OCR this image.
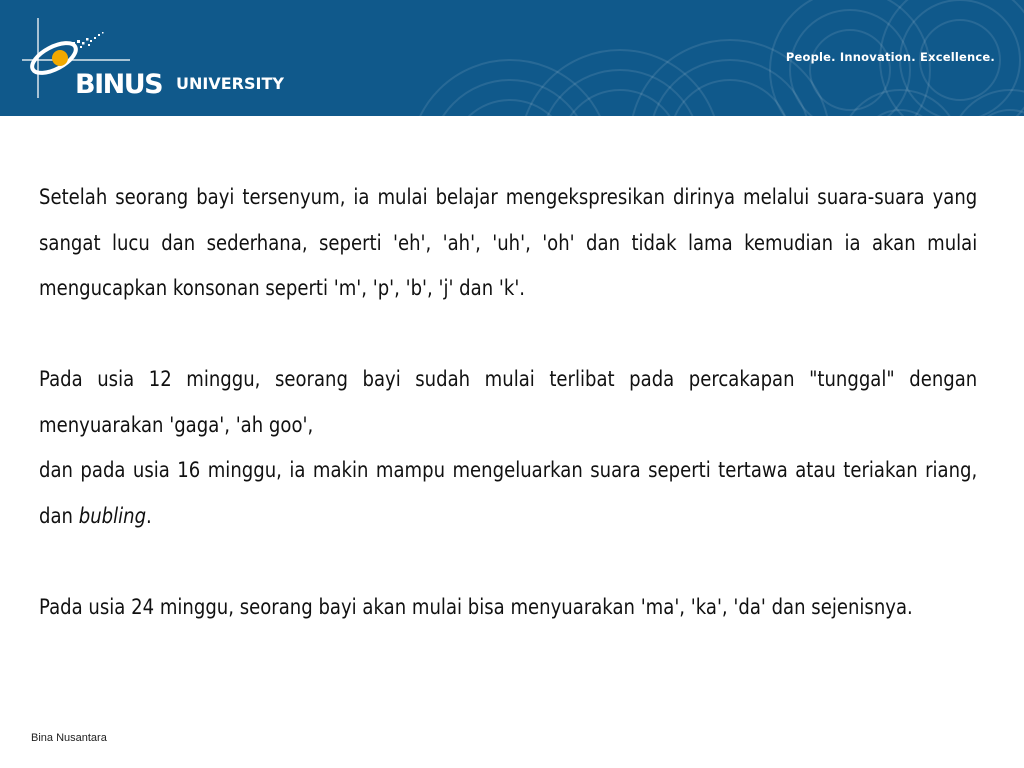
BINUS UNIVERSITY
People. Innovation. Excellence.

Setelah seorang bayi tersenyum, ia mulai belajar mengekspresikan dirinya melalui suara-suara yang sangat lucu dan sederhana, seperti 'eh', 'ah', 'uh', 'oh' dan tidak lama kemudian ia akan mulai mengucapkan konsonan seperti 'm', 'p', 'b', 'j' dan 'k'.

Pada usia 12 minggu, seorang bayi sudah mulai terlibat pada percakapan "tunggal" dengan menyuarakan 'gaga', 'ah goo',

dan pada usia 16 minggu, ia makin mampu mengeluarkan suara seperti tertawa atau teriakan riang, dan bubling.

Pada usia 24 minggu, seorang bayi akan mulai bisa menyuarakan 'ma', 'ka', 'da' dan sejenisnya.

Bina Nusantara
